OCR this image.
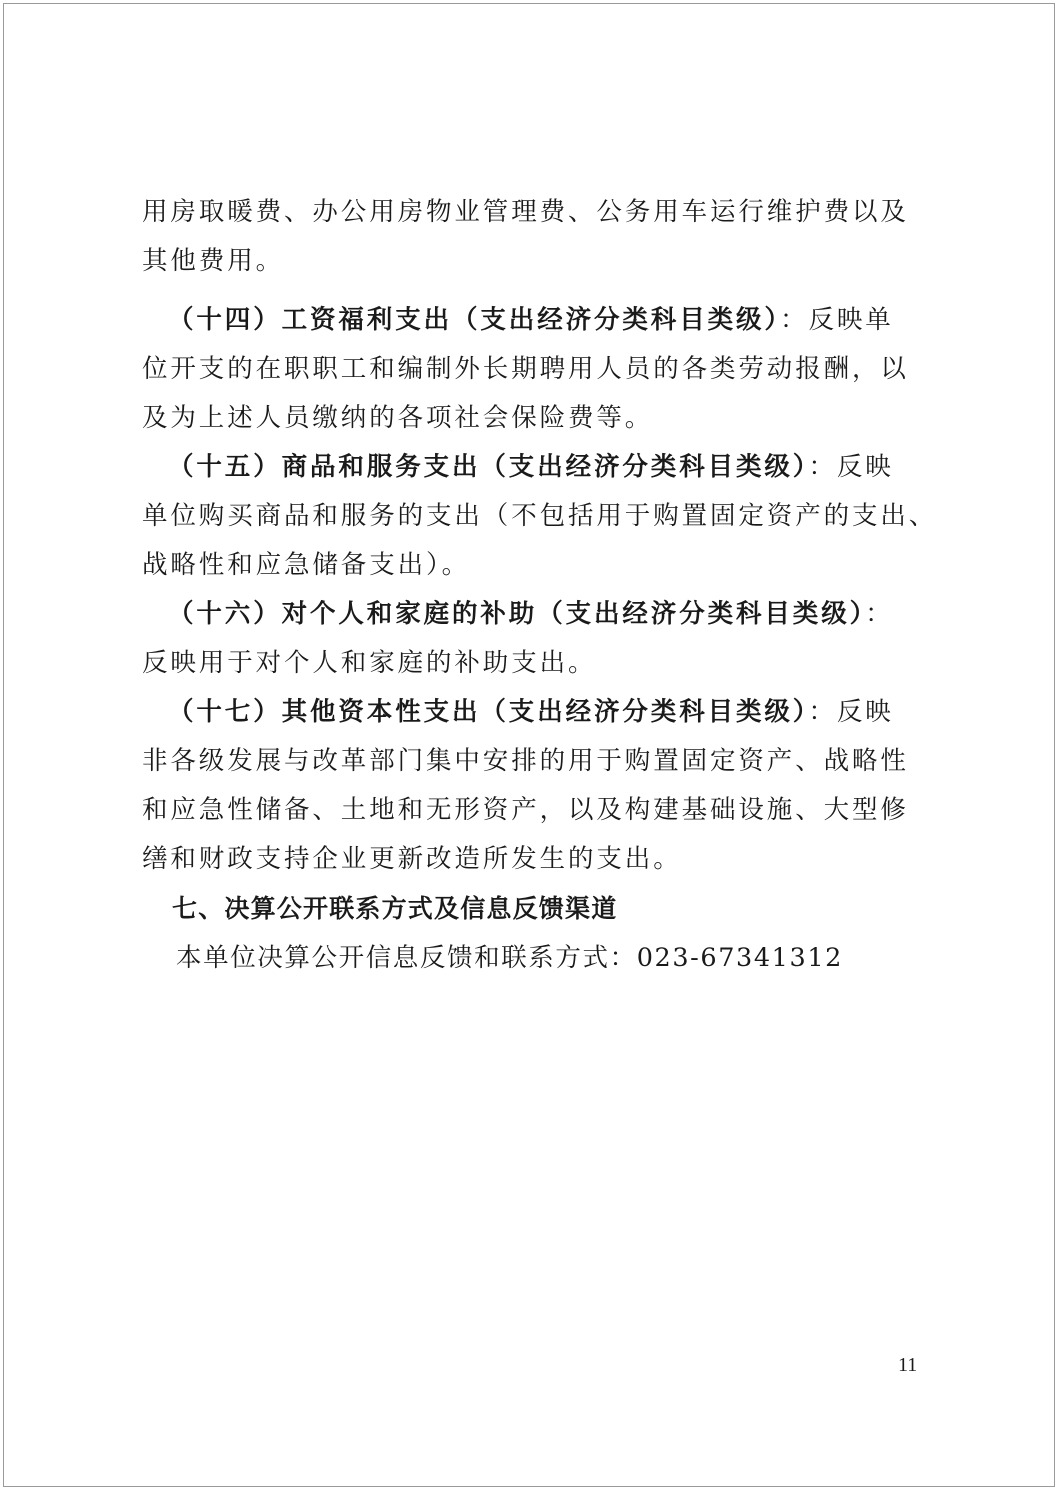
用房取暖费、办公用房物业管理费、公务用车运行维护费以及
其他费用。
（十四）工资福利支出（支出经济分类科目类级）：反映单
位开支的在职职工和编制外长期聘用人员的各类劳动报酬，以
及为上述人员缴纳的各项社会保险费等。
（十五）商品和服务支出（支出经济分类科目类级）：反映
单位购买商品和服务的支出（不包括用于购置固定资产的支出、
战略性和应急储备支出）。
（十六）对个人和家庭的补助（支出经济分类科目类级）：
反映用于对个人和家庭的补助支出。
（十七）其他资本性支出（支出经济分类科目类级）：反映
非各级发展与改革部门集中安排的用于购置固定资产、战略性
和应急性储备、土地和无形资产，以及构建基础设施、大型修
缮和财政支持企业更新改造所发生的支出。
七、决算公开联系方式及信息反馈渠道
本单位决算公开信息反馈和联系方式：023-67341312
11
